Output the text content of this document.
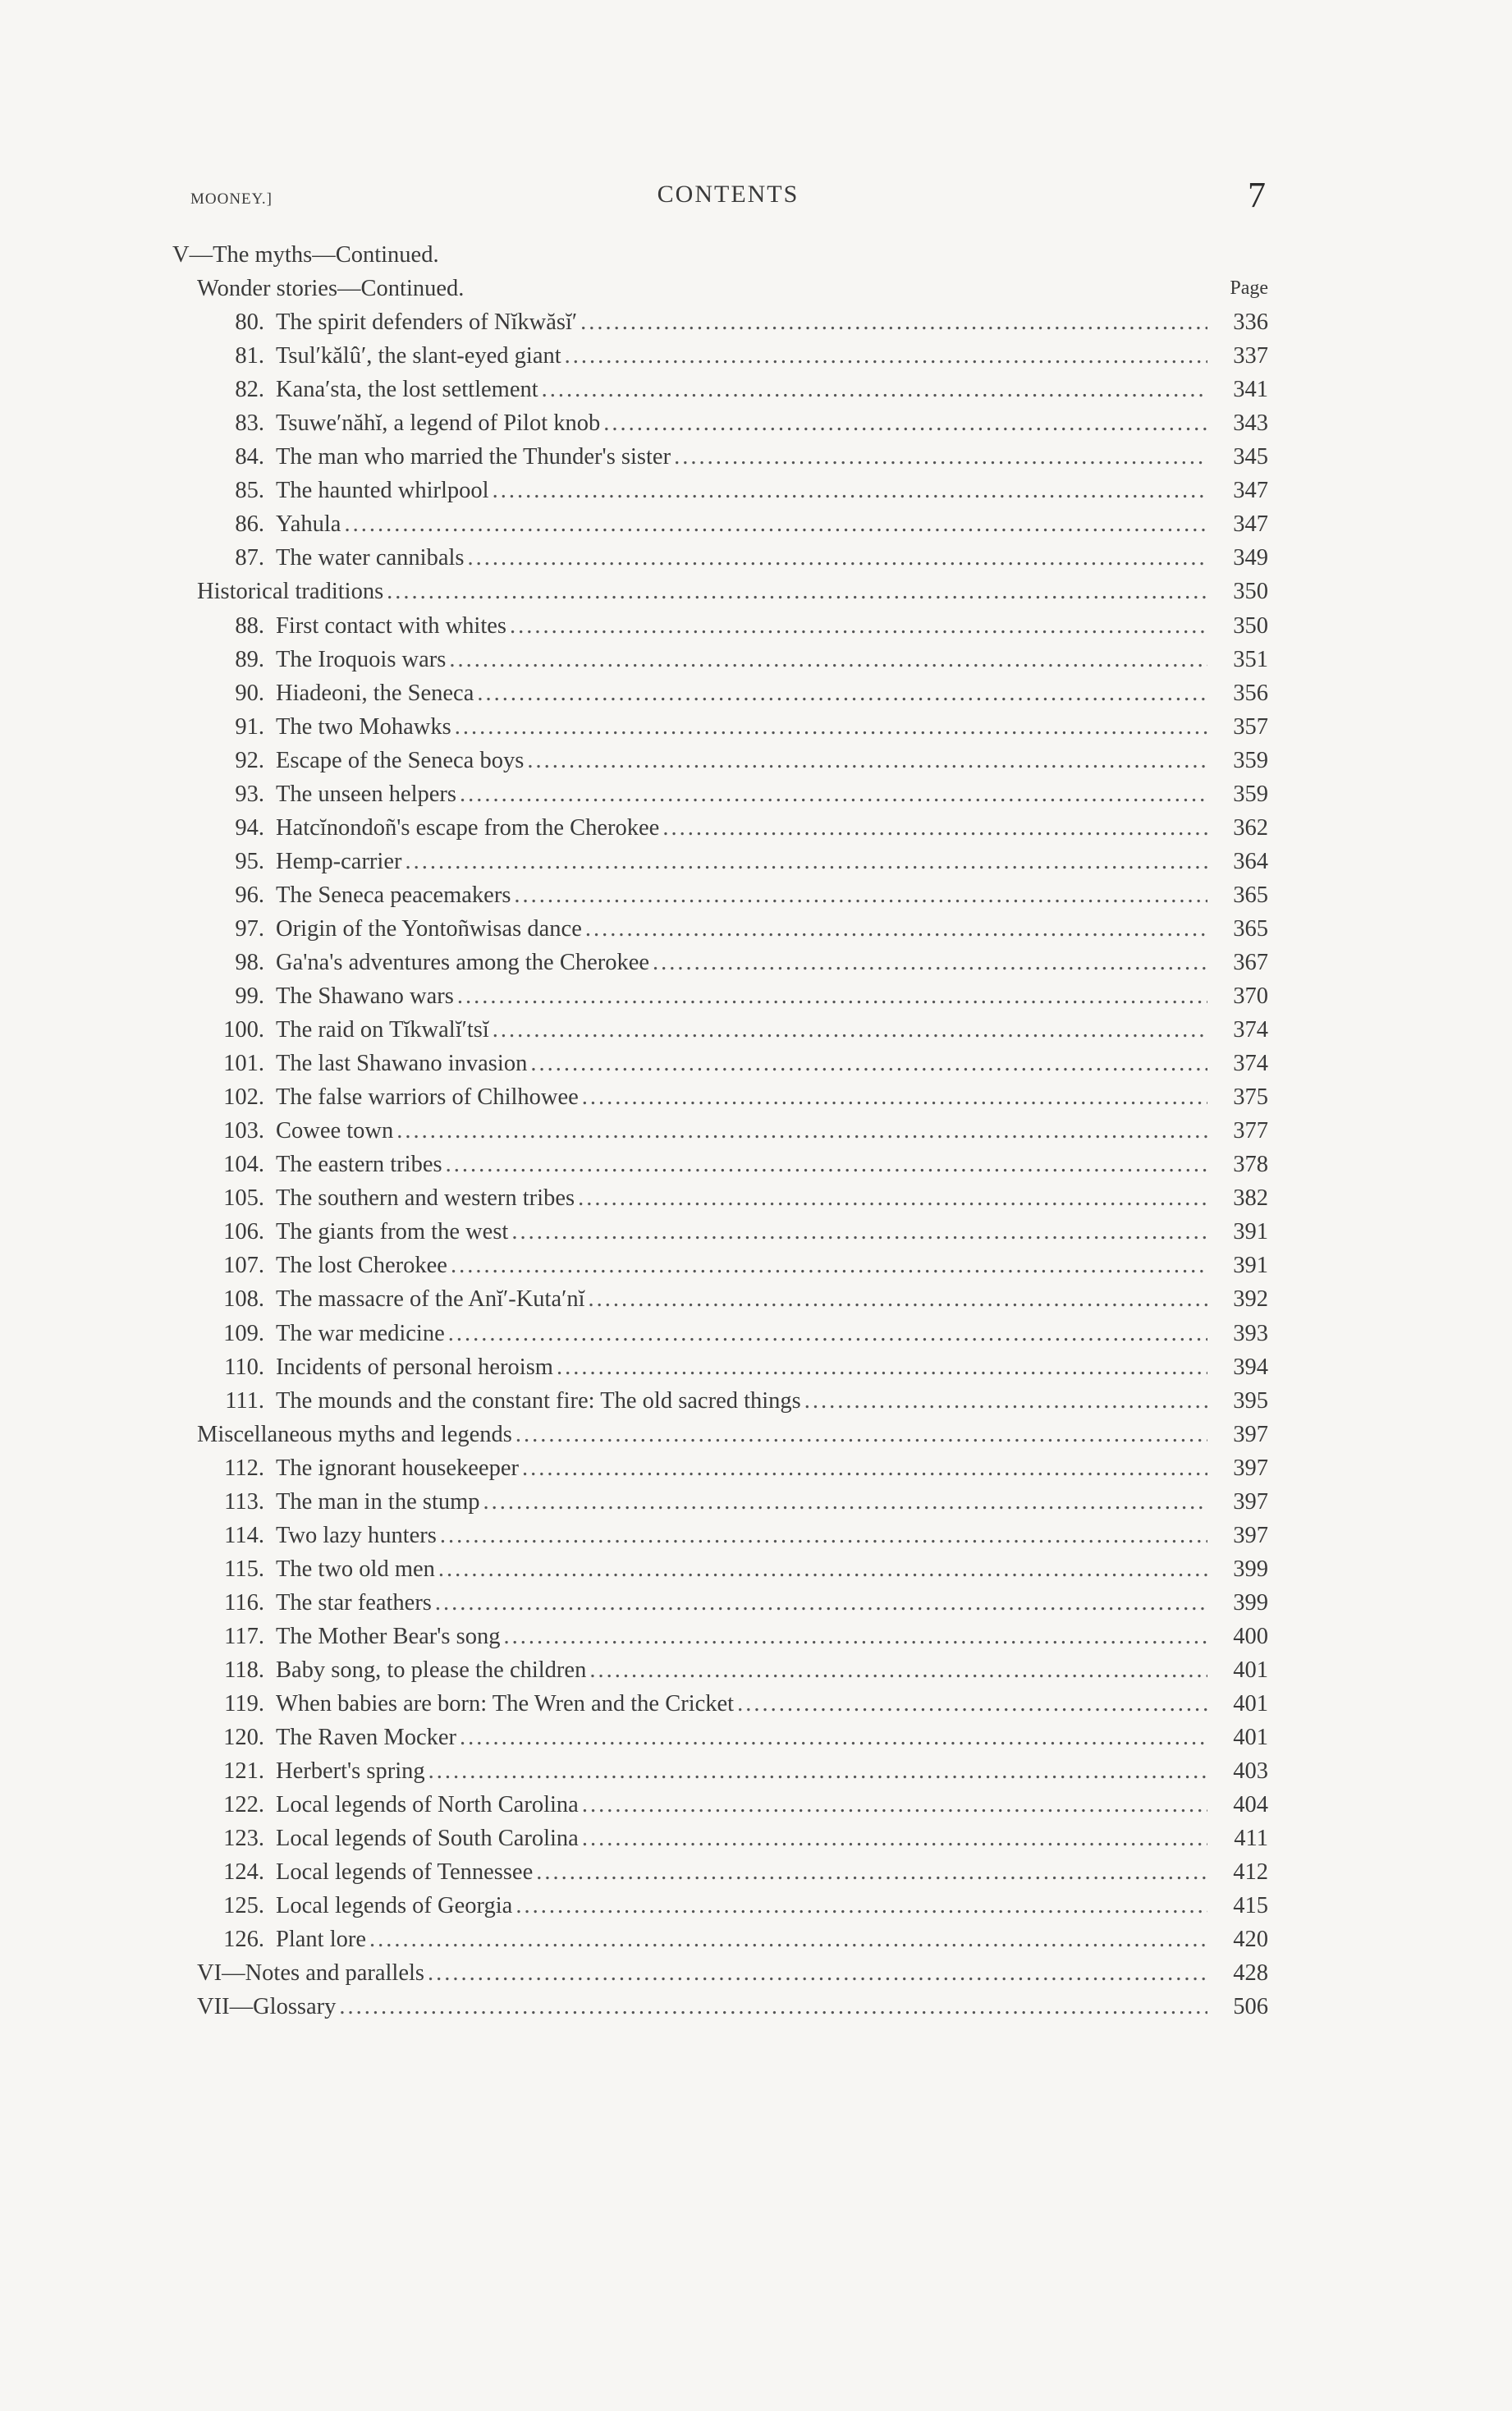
MOONEY.]	CONTENTS	7
V—The myths—Continued.
Wonder stories—Continued.	Page
80. The spirit defenders of Nĭkwăsĭ′ .....	336
81. Tsul′kălû′, the slant-eyed giant .....	337
82. Kana′sta, the lost settlement .....	341
83. Tsuwe′năhĭ, a legend of Pilot knob .....	343
84. The man who married the Thunder's sister .....	345
85. The haunted whirlpool .....	347
86. Yahula .....	347
87. The water cannibals .....	349
Historical traditions .....	350
88. First contact with whites .....	350
89. The Iroquois wars .....	351
90. Hiadeoni, the Seneca .....	356
91. The two Mohawks .....	357
92. Escape of the Seneca boys .....	359
93. The unseen helpers .....	359
94. Hatcĭnondoñ's escape from the Cherokee .....	362
95. Hemp-carrier .....	364
96. The Seneca peacemakers .....	365
97. Origin of the Yontoñwisas dance .....	365
98. Ga'na's adventures among the Cherokee .....	367
99. The Shawano wars .....	370
100. The raid on Tĭkwalĭ′tsĭ .....	374
101. The last Shawano invasion .....	374
102. The false warriors of Chilhowee .....	375
103. Cowee town .....	377
104. The eastern tribes .....	378
105. The southern and western tribes .....	382
106. The giants from the west .....	391
107. The lost Cherokee .....	391
108. The massacre of the Anĭ′-Kuta′nĭ .....	392
109. The war medicine .....	393
110. Incidents of personal heroism .....	394
111. The mounds and the constant fire: The old sacred things .....	395
Miscellaneous myths and legends .....	397
112. The ignorant housekeeper .....	397
113. The man in the stump .....	397
114. Two lazy hunters .....	397
115. The two old men .....	399
116. The star feathers .....	399
117. The Mother Bear's song .....	400
118. Baby song, to please the children .....	401
119. When babies are born: The Wren and the Cricket .....	401
120. The Raven Mocker .....	401
121. Herbert's spring .....	403
122. Local legends of North Carolina .....	404
123. Local legends of South Carolina .....	411
124. Local legends of Tennessee .....	412
125. Local legends of Georgia .....	415
126. Plant lore .....	420
VI—Notes and parallels .....	428
VII—Glossary .....	506
